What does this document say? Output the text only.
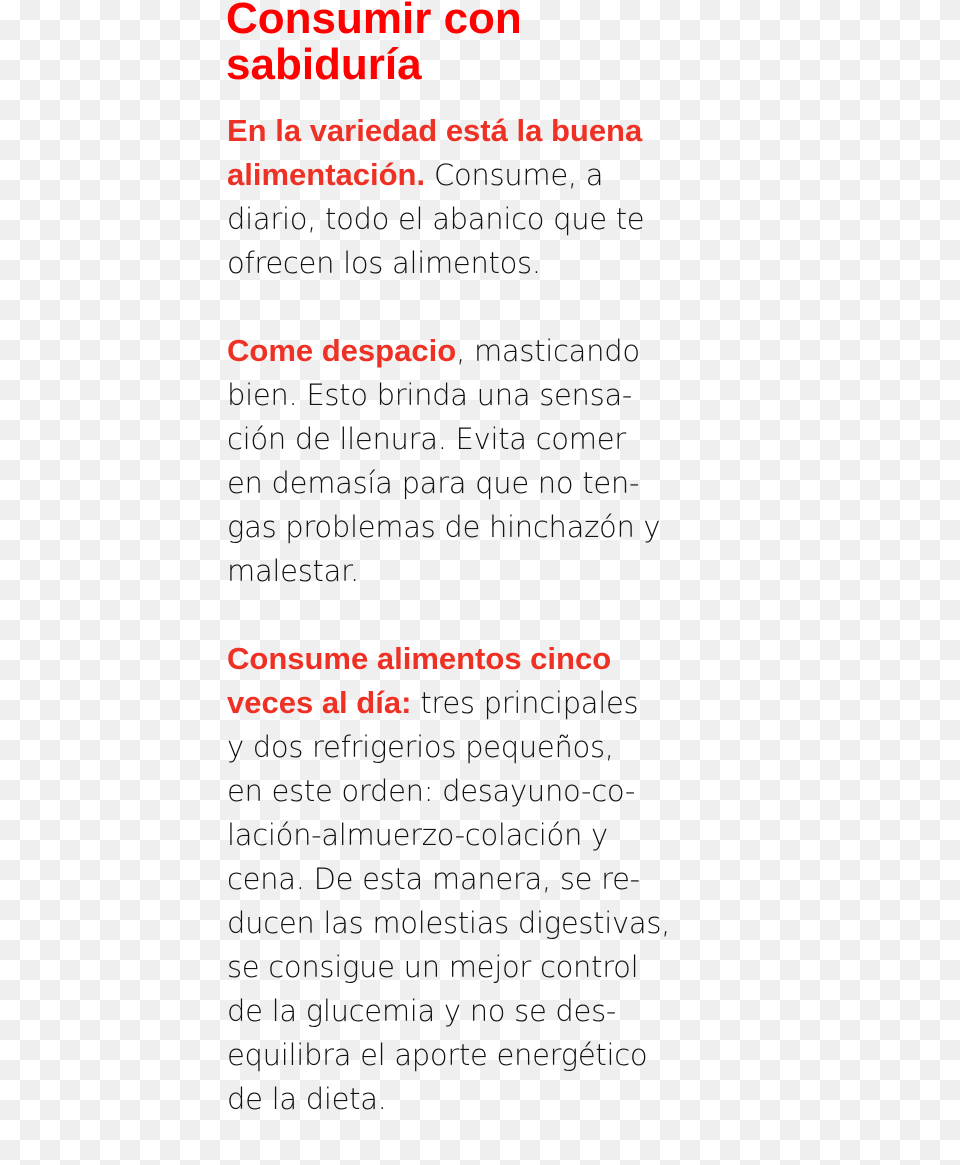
Consumir con
sabiduría
En la variedad está la buena
alimentación. Consume, a
diario, todo el abanico que te
ofrecen los alimentos.
Come despacio, masticando
bien. Esto brinda una sensa-
ción de llenura. Evita comer
en demasía para que no ten-
gas problemas de hinchazón y
malestar.
Consume alimentos cinco
veces al día: tres principales
y dos refrigerios pequeños,
en este orden: desayuno-co-
lación-almuerzo-colación y
cena. De esta manera, se re-
ducen las molestias digestivas,
se consigue un mejor control
de la glucemia y no se des-
equilibra el aporte energético
de la dieta.
